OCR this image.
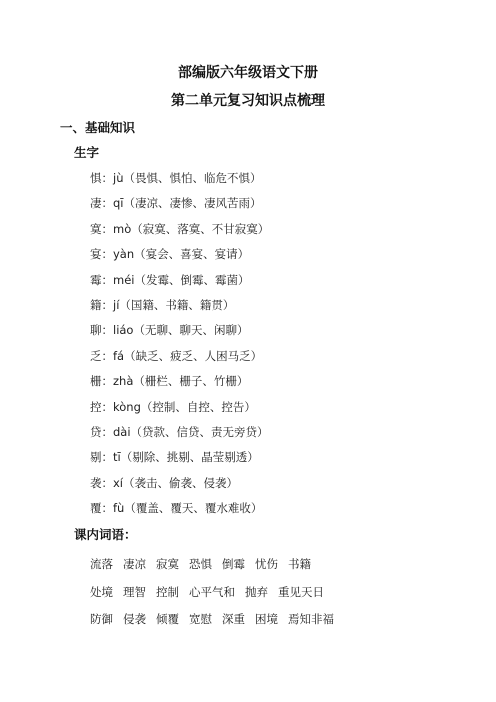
部编版六年级语文下册
第二单元复习知识点梳理
一、基础知识
生字
惧：jù（畏惧、惧怕、临危不惧）
凄：qī（凄凉、凄惨、凄风苦雨）
寞：mò（寂寞、落寞、不甘寂寞）
宴：yàn（宴会、喜宴、宴请）
霉：méi（发霉、倒霉、霉菌）
籍：jí（国籍、书籍、籍贯）
聊：liáo（无聊、聊天、闲聊）
乏：fá（缺乏、疲乏、人困马乏）
栅：zhà（栅栏、栅子、竹栅）
控：kòng（控制、自控、控告）
贷：dài（贷款、信贷、责无旁贷）
剔：tī（剔除、挑剔、晶莹剔透）
袭：xí（袭击、偷袭、侵袭）
覆：fù（覆盖、覆天、覆水难收）
课内词语：
流落 凄凉 寂寞 恐惧 倒霉 忧伤 书籍
处境 理智 控制 心平气和 抛弃 重见天日
防御 侵袭 倾覆 宽慰 深重 困境 焉知非福
